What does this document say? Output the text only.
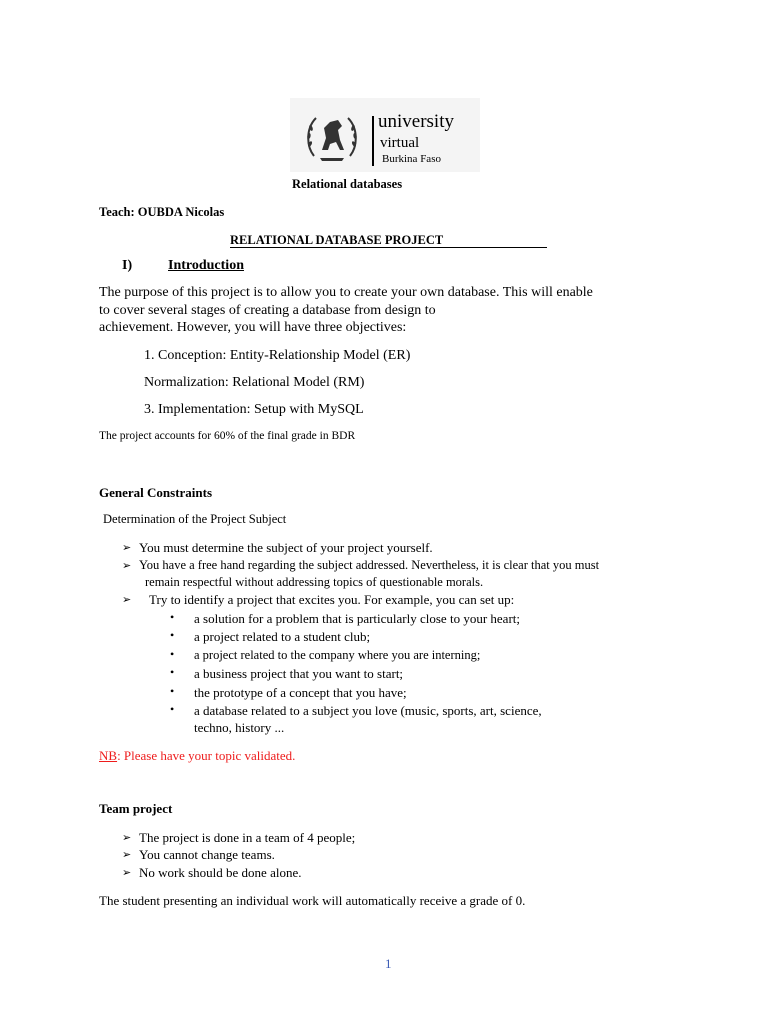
university
virtual
Burkina Faso
Relational databases
Teach: OUBDA Nicolas
RELATIONAL DATABASE PROJECT
I)	Introduction
The purpose of this project is to allow you to create your own database. This will enable
to cover several stages of creating a database from design to
achievement. However, you will have three objectives:
1. Conception: Entity-Relationship Model (ER)
Normalization: Relational Model (RM)
3. Implementation: Setup with MySQL
The project accounts for 60% of the final grade in BDR
General Constraints
Determination of the Project Subject
➢ You must determine the subject of your project yourself.
➢ You have a free hand regarding the subject addressed. Nevertheless, it is clear that you must
remain respectful without addressing topics of questionable morals.
➢ Try to identify a project that excites you. For example, you can set up:
• a solution for a problem that is particularly close to your heart;
• a project related to a student club;
• a project related to the company where you are interning;
• a business project that you want to start;
• the prototype of a concept that you have;
• a database related to a subject you love (music, sports, art, science,
techno, history ...
NB: Please have your topic validated.
Team project
➢ The project is done in a team of 4 people;
➢ You cannot change teams.
➢ No work should be done alone.
The student presenting an individual work will automatically receive a grade of 0.
1
